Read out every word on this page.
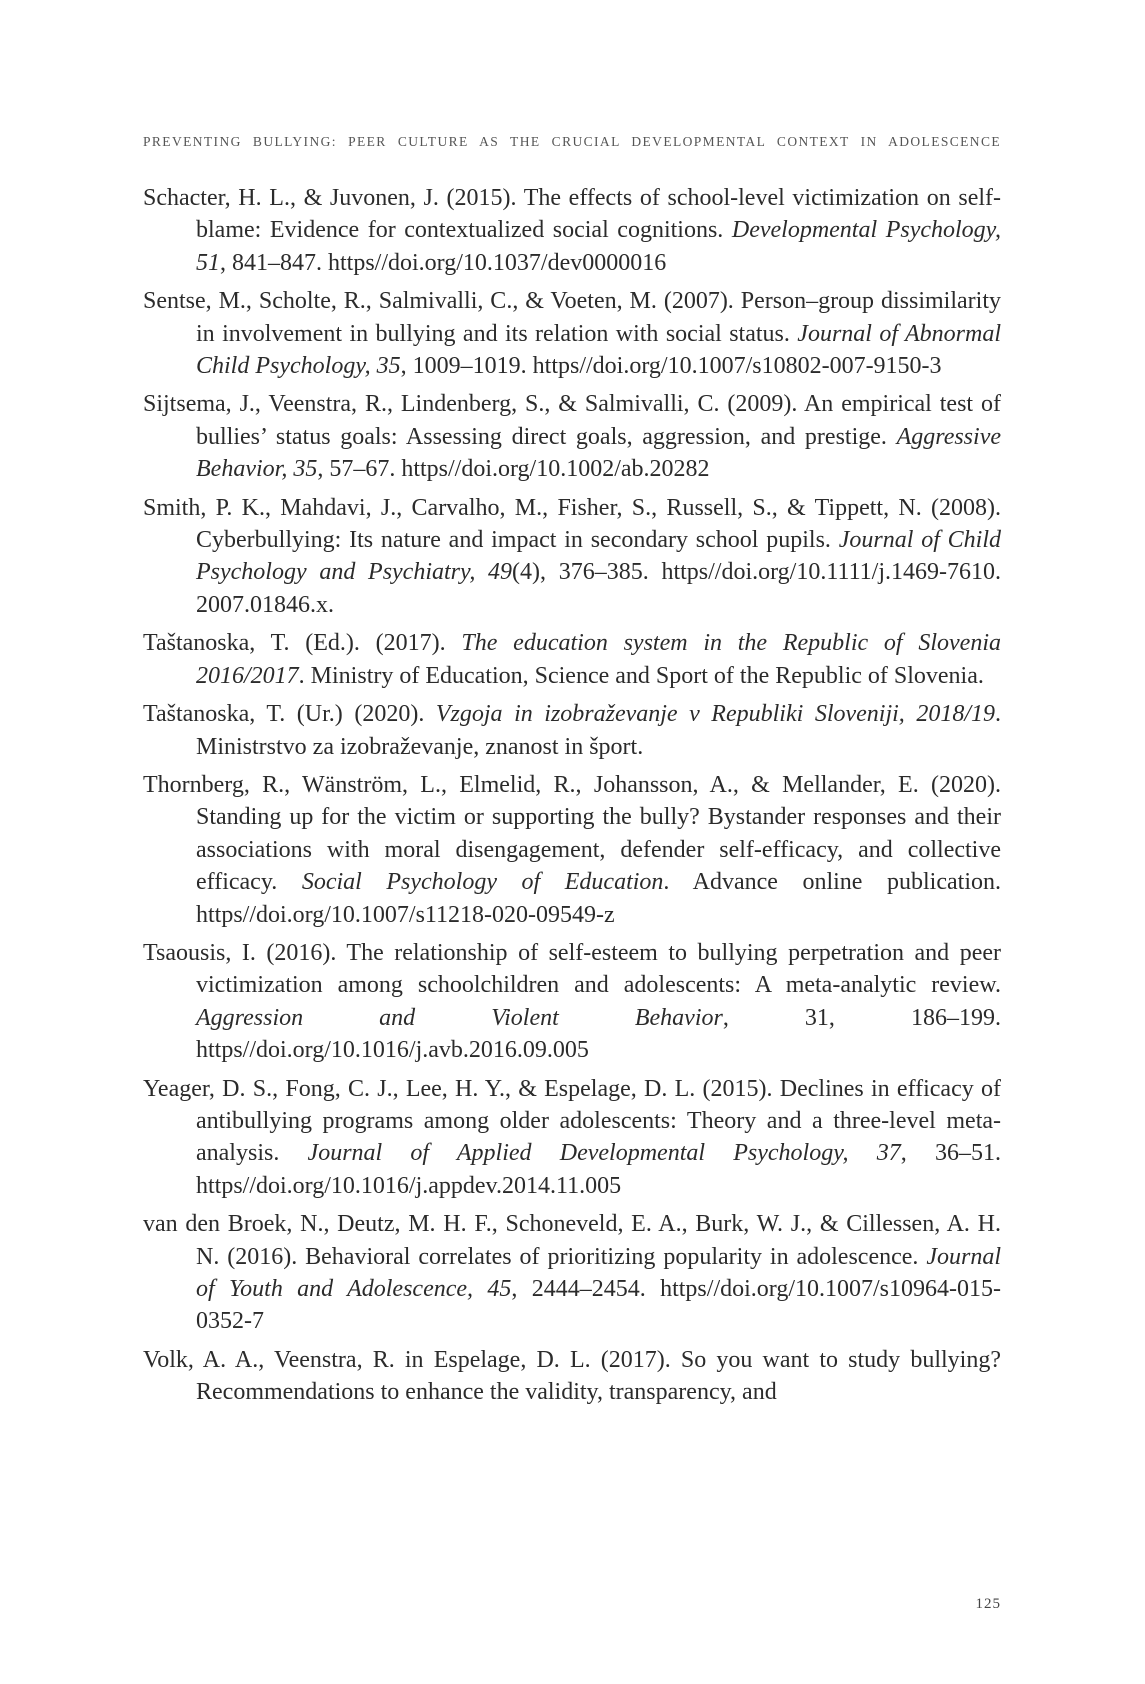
PREVENTING BULLYING: PEER CULTURE AS THE CRUCIAL DEVELOPMENTAL CONTEXT IN ADOLESCENCE
Schacter, H. L., & Juvonen, J. (2015). The effects of school-level victimization on self-blame: Evidence for contextualized social cognitions. Developmental Psychology, 51, 841–847. https//doi.org/10.1037/dev0000016
Sentse, M., Scholte, R., Salmivalli, C., & Voeten, M. (2007). Person–group dissimilarity in involvement in bullying and its relation with social status. Journal of Abnormal Child Psychology, 35, 1009–1019. https//doi.org/10.1007/s10802-007-9150-3
Sijtsema, J., Veenstra, R., Lindenberg, S., & Salmivalli, C. (2009). An empirical test of bullies’ status goals: Assessing direct goals, aggression, and prestige. Aggressive Behavior, 35, 57–67. https//doi.org/10.1002/ab.20282
Smith, P. K., Mahdavi, J., Carvalho, M., Fisher, S., Russell, S., & Tippett, N. (2008). Cyberbullying: Its nature and impact in secondary school pupils. Journal of Child Psychology and Psychiatry, 49(4), 376–385. https//doi.org/10.1111/j.1469-7610. 2007.01846.x.
Taštanoska, T. (Ed.). (2017). The education system in the Republic of Slovenia 2016/2017. Ministry of Education, Science and Sport of the Republic of Slovenia.
Taštanoska, T. (Ur.) (2020). Vzgoja in izobraževanje v Republiki Sloveniji, 2018/19. Ministrstvo za izobraževanje, znanost in šport.
Thornberg, R., Wänström, L., Elmelid, R., Johansson, A., & Mellander, E. (2020). Standing up for the victim or supporting the bully? Bystander responses and their associations with moral disengagement, defender self-efficacy, and collective efficacy. Social Psychology of Education. Advance online publication. https//doi.org/10.1007/s11218-020-09549-z
Tsaousis, I. (2016). The relationship of self-esteem to bullying perpetration and peer victimization among schoolchildren and adolescents: A meta-analytic review. Aggression and Violent Behavior, 31, 186–199. https//doi.org/10.1016/j.avb.2016.09.005
Yeager, D. S., Fong, C. J., Lee, H. Y., & Espelage, D. L. (2015). Declines in efficacy of antibullying programs among older adolescents: Theory and a three-level meta-analysis. Journal of Applied Developmental Psychology, 37, 36–51. https//doi.org/10.1016/j.appdev.2014.11.005
van den Broek, N., Deutz, M. H. F., Schoneveld, E. A., Burk, W. J., & Cillessen, A. H. N. (2016). Behavioral correlates of prioritizing popularity in adolescence. Journal of Youth and Adolescence, 45, 2444–2454. https//doi.org/10.1007/s10964-015-0352-7
Volk, A. A., Veenstra, R. in Espelage, D. L. (2017). So you want to study bullying? Recommendations to enhance the validity, transparency, and
125
